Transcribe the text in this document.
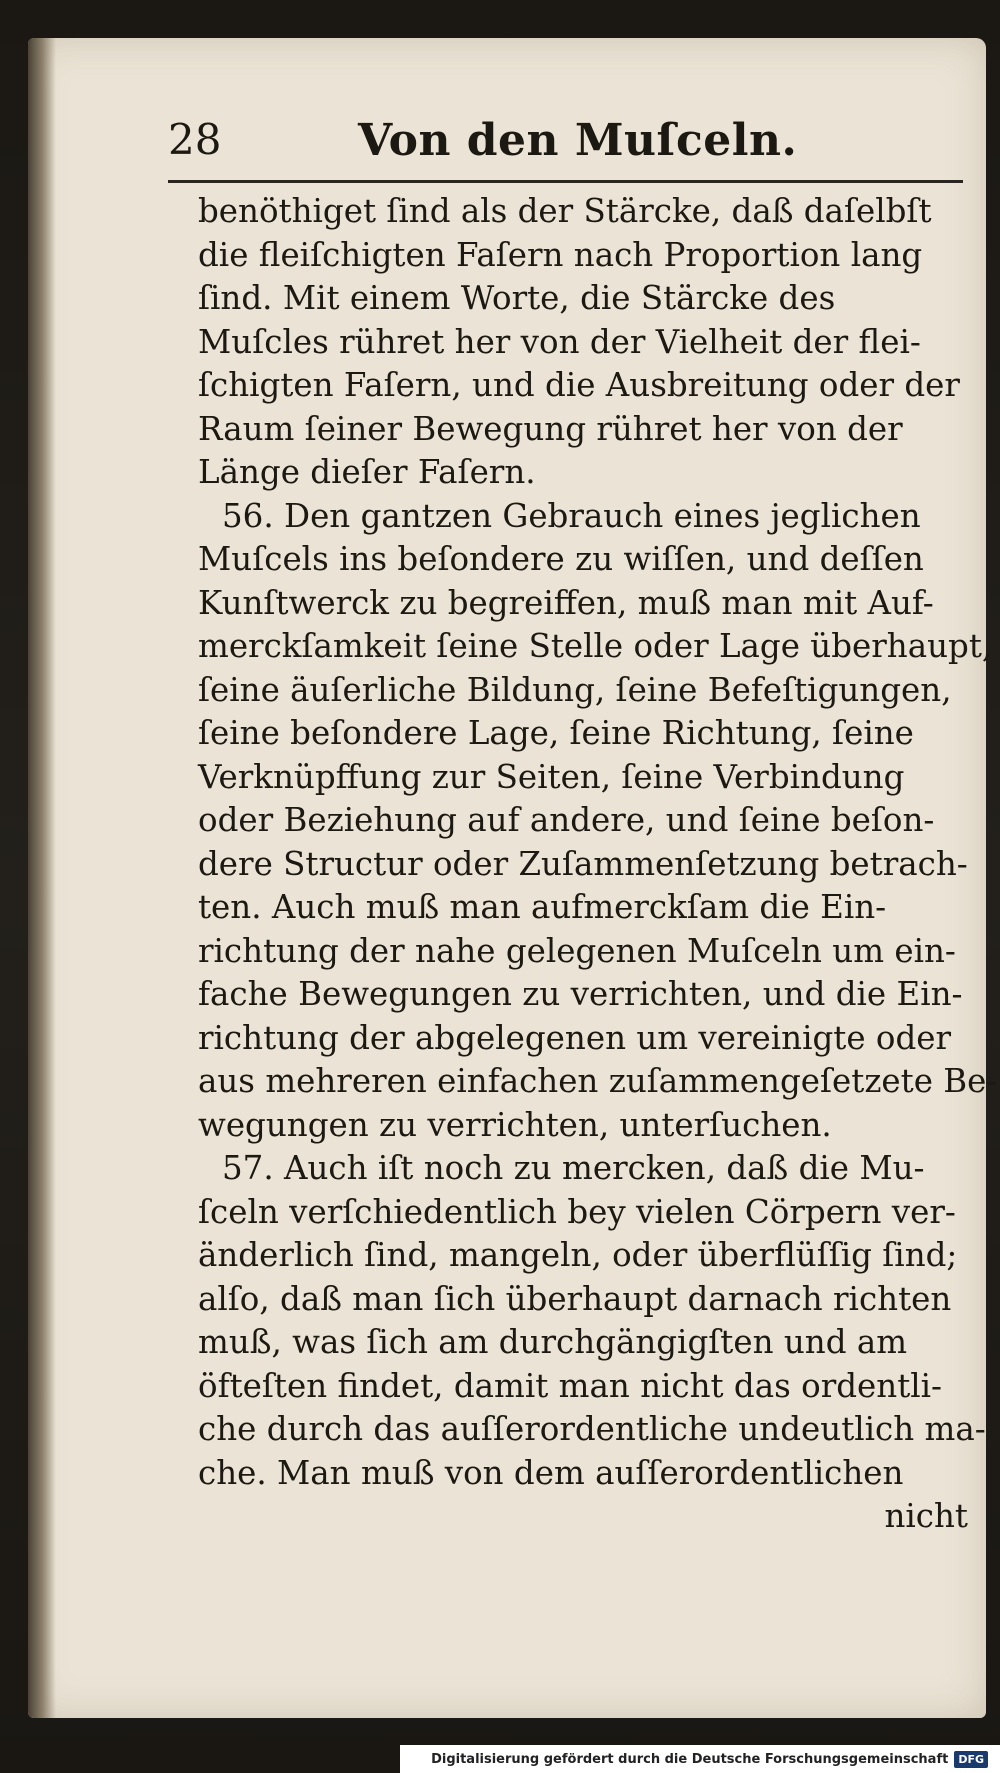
28	Von den Muſceln.
benöthiget ſind als der Stärcke, daß daſelbſt
die fleiſchigten Faſern nach Proportion lang
ſind. Mit einem Worte, die Stärcke des
Muſcles rühret her von der Vielheit der flei-
ſchigten Faſern, und die Ausbreitung oder der
Raum ſeiner Bewegung rühret her von der
Länge dieſer Faſern.
56. Den gantzen Gebrauch eines jeglichen
Muſcels ins beſondere zu wiſſen, und deſſen
Kunſtwerck zu begreiffen, muß man mit Auf-
merckſamkeit ſeine Stelle oder Lage überhaupt,
ſeine äuſerliche Bildung, ſeine Befeſtigungen,
ſeine beſondere Lage, ſeine Richtung, ſeine
Verknüpffung zur Seiten, ſeine Verbindung
oder Beziehung auf andere, und ſeine beſon-
dere Structur oder Zuſammenſetzung betrach-
ten. Auch muß man aufmerckſam die Ein-
richtung der nahe gelegenen Muſceln um ein-
fache Bewegungen zu verrichten, und die Ein-
richtung der abgelegenen um vereinigte oder
aus mehreren einfachen zuſammengeſetzete Be-
wegungen zu verrichten, unterſuchen.
57. Auch iſt noch zu mercken, daß die Mu-
ſceln verſchiedentlich bey vielen Cörpern ver-
änderlich ſind, mangeln, oder überflüſſig ſind;
alſo, daß man ſich überhaupt darnach richten
muß, was ſich am durchgängigſten und am
öfteſten findet, damit man nicht das ordentli-
che durch das auſſerordentliche undeutlich ma-
che. Man muß von dem auſſerordentlichen
nicht
Digitalisierung gefördert durch die Deutsche Forschungsgemeinschaft DFG
